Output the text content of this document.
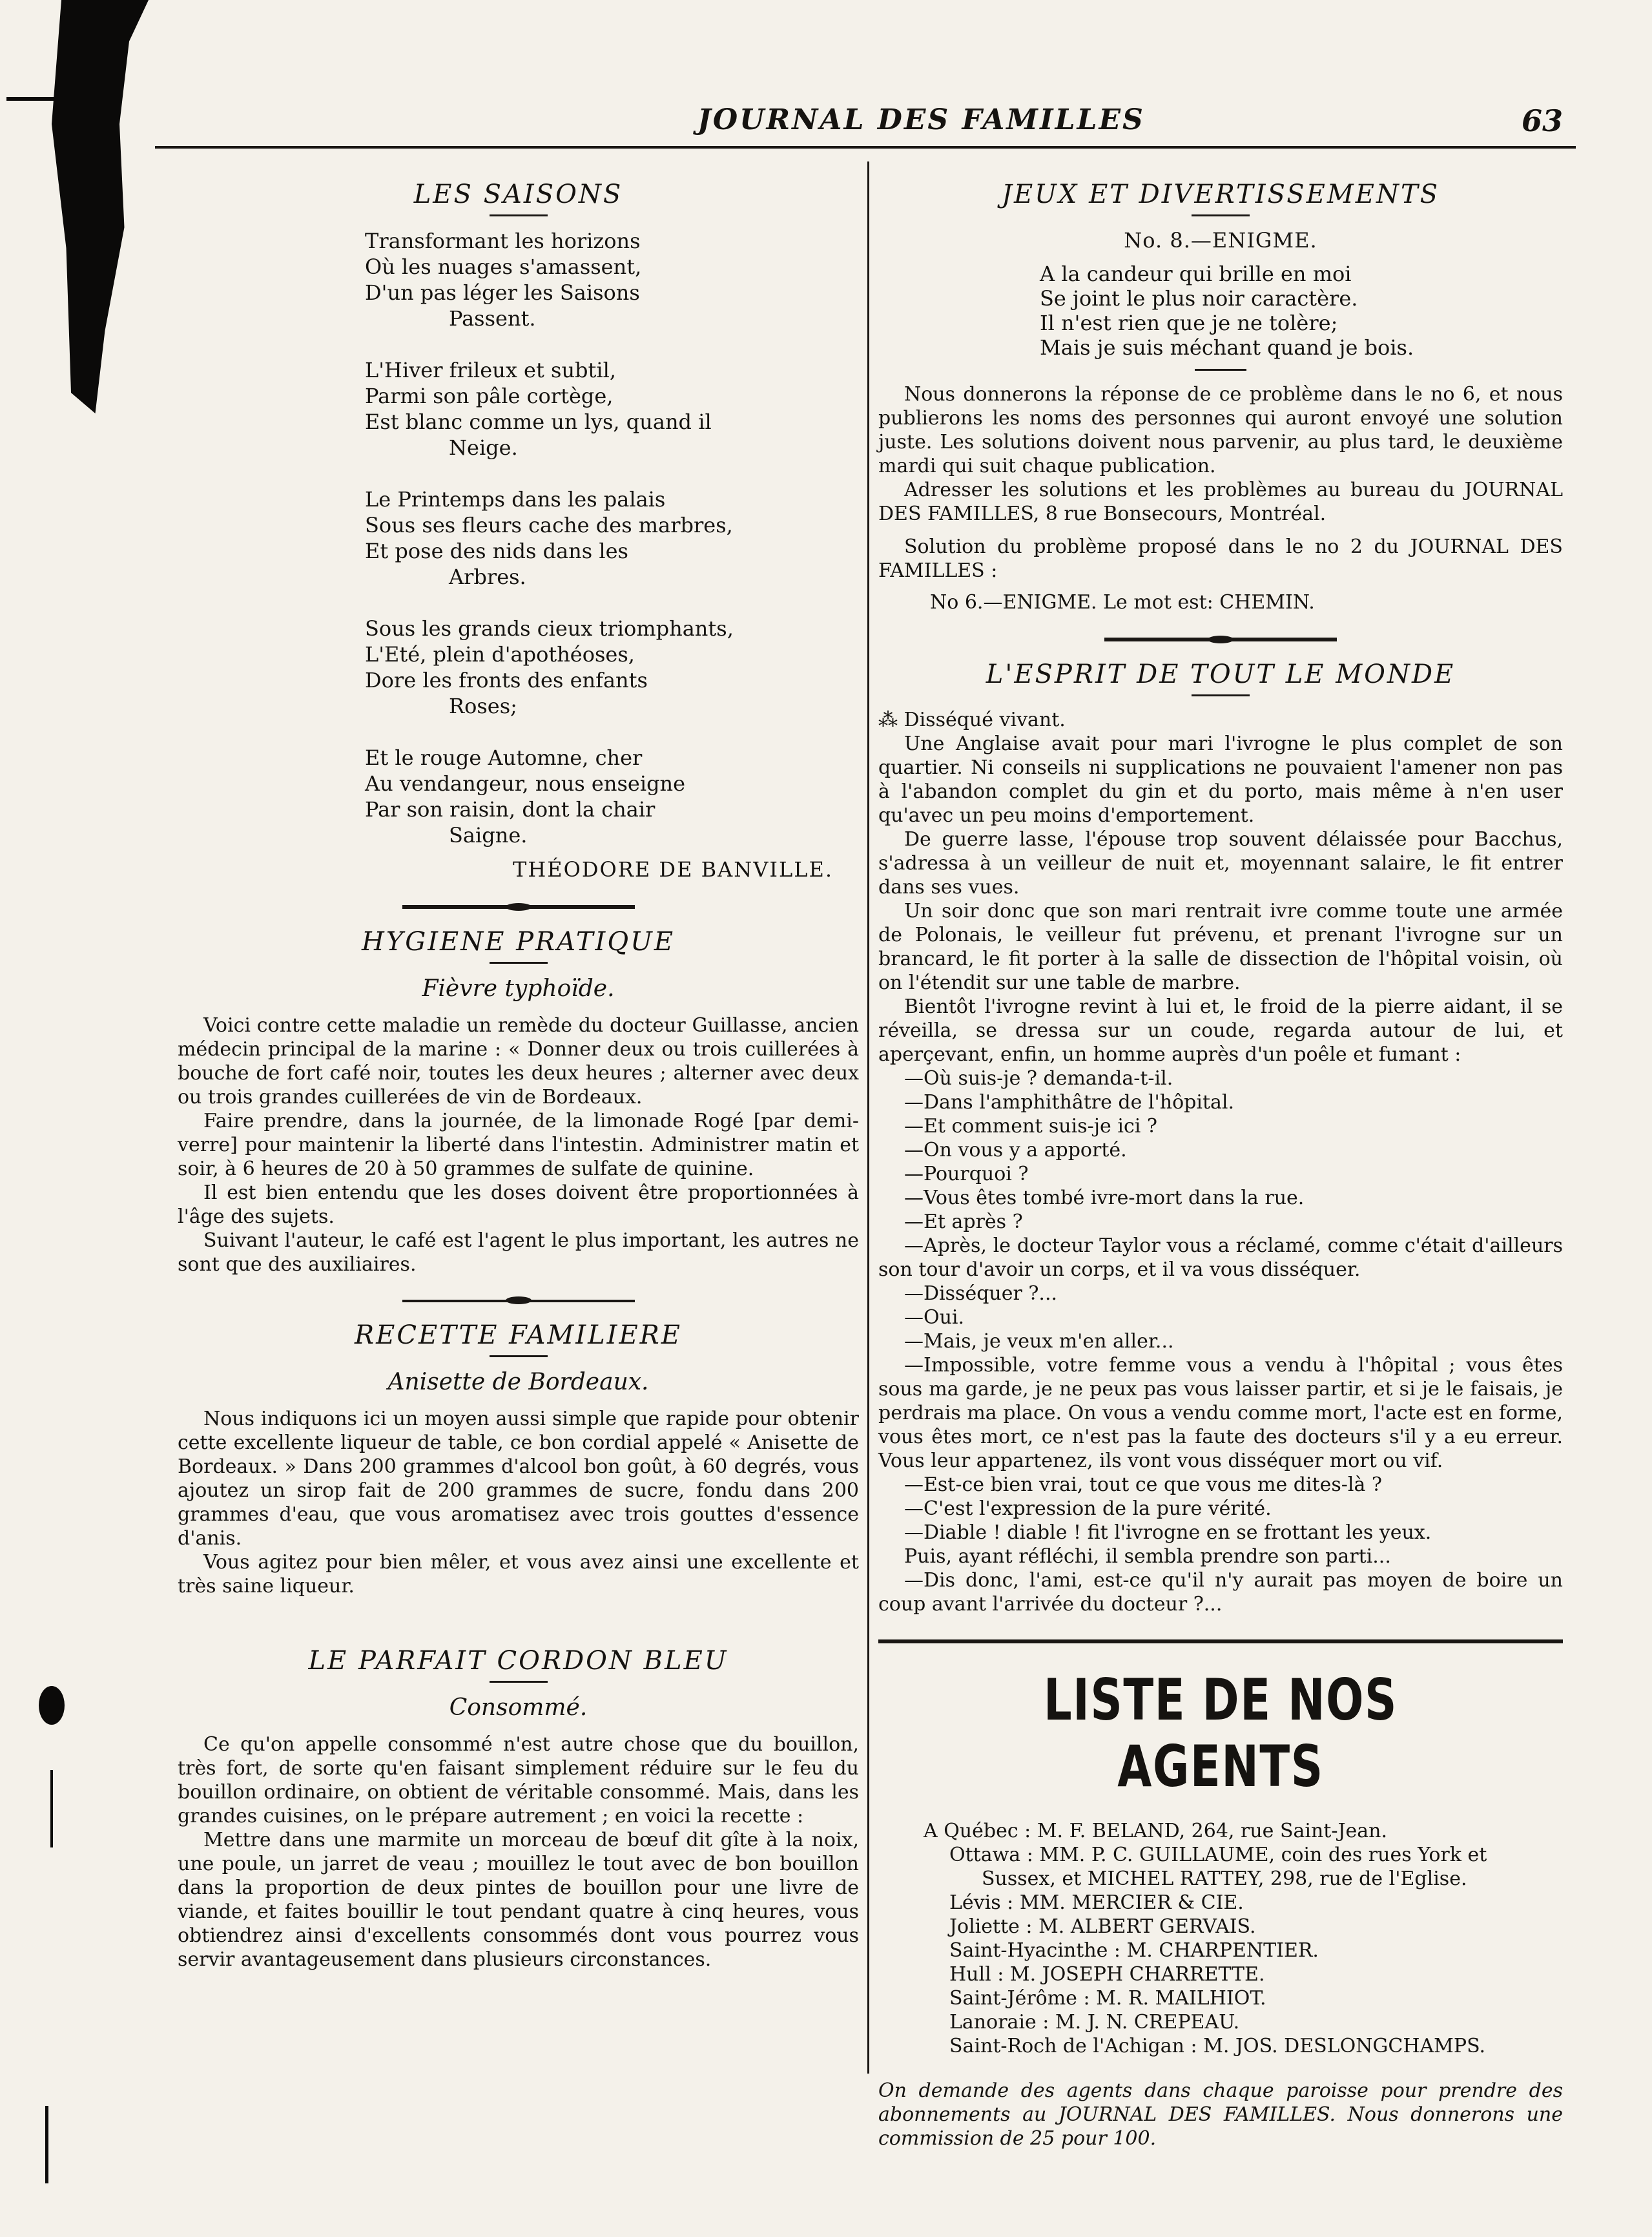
JOURNAL DES FAMILLES	63
LES SAISONS
Transformant les horizons
Où les nuages s'amassent,
D'un pas léger les Saisons
Passent.
L'Hiver frileux et subtil,
Parmi son pâle cortège,
Est blanc comme un lys, quand il
Neige.
Le Printemps dans les palais
Sous ses fleurs cache des marbres,
Et pose des nids dans les
Arbres.
Sous les grands cieux triomphants,
L'Eté, plein d'apothéoses,
Dore les fronts des enfants
Roses;
Et le rouge Automne, cher
Au vendangeur, nous enseigne
Par son raisin, dont la chair
Saigne.
THÉODORE DE BANVILLE.
HYGIENE PRATIQUE
Fièvre typhoïde.

Voici contre cette maladie un remède du docteur Guillasse, ancien médecin principal de la marine : « Donner deux ou trois cuillerées à bouche de fort café noir, toutes les deux heures ; alterner avec deux ou trois grandes cuillerées de vin de Bordeaux.

Faire prendre, dans la journée, de la limonade Rogé [par demi-verre] pour maintenir la liberté dans l'intestin. Administrer matin et soir, à 6 heures de 20 à 50 grammes de sulfate de quinine.

Il est bien entendu que les doses doivent être proportionnées à l'âge des sujets.

Suivant l'auteur, le café est l'agent le plus important, les autres ne sont que des auxiliaires.

RECETTE FAMILIERE
Anisette de Bordeaux.

Nous indiquons ici un moyen aussi simple que rapide pour obtenir cette excellente liqueur de table, ce bon cordial appelé « Anisette de Bordeaux. » Dans 200 grammes d'alcool bon goût, à 60 degrés, vous ajoutez un sirop fait de 200 grammes de sucre, fondu dans 200 grammes d'eau, que vous aromatisez avec trois gouttes d'essence d'anis.

Vous agitez pour bien mêler, et vous avez ainsi une excellente et très saine liqueur.

LE PARFAIT CORDON BLEU
Consommé.

Ce qu'on appelle consommé n'est autre chose que du bouillon, très fort, de sorte qu'en faisant simplement réduire sur le feu du bouillon ordinaire, on obtient de véritable consommé. Mais, dans les grandes cuisines, on le prépare autrement ; en voici la recette :

Mettre dans une marmite un morceau de bœuf dit gîte à la noix, une poule, un jarret de veau ; mouillez le tout avec de bon bouillon dans la proportion de deux pintes de bouillon pour une livre de viande, et faites bouillir le tout pendant quatre à cinq heures, vous obtiendrez ainsi d'excellents consommés dont vous pourrez vous servir avantageusement dans plusieurs circonstances.

JEUX ET DIVERTISSEMENTS
No. 8.—ENIGME.
A la candeur qui brille en moi
Se joint le plus noir caractère.
Il n'est rien que je ne tolère;
Mais je suis méchant quand je bois.

Nous donnerons la réponse de ce problème dans le no 6, et nous publierons les noms des personnes qui auront envoyé une solution juste. Les solutions doivent nous parvenir, au plus tard, le deuxième mardi qui suit chaque publication.

Adresser les solutions et les problèmes au bureau du JOURNAL DES FAMILLES, 8 rue Bonsecours, Montréal.

Solution du problème proposé dans le no 2 du JOURNAL DES FAMILLES :

No 6.—ENIGME. Le mot est: CHEMIN.

L'ESPRIT DE TOUT LE MONDE

⁂ Disséqué vivant.

Une Anglaise avait pour mari l'ivrogne le plus complet de son quartier. Ni conseils ni supplications ne pouvaient l'amener non pas à l'abandon complet du gin et du porto, mais même à n'en user qu'avec un peu moins d'emportement.

De guerre lasse, l'épouse trop souvent délaissée pour Bacchus, s'adressa à un veilleur de nuit et, moyennant salaire, le fit entrer dans ses vues.

Un soir donc que son mari rentrait ivre comme toute une armée de Polonais, le veilleur fut prévenu, et prenant l'ivrogne sur un brancard, le fit porter à la salle de dissection de l'hôpital voisin, où on l'étendit sur une table de marbre.

Bientôt l'ivrogne revint à lui et, le froid de la pierre aidant, il se réveilla, se dressa sur un coude, regarda autour de lui, et aperçevant, enfin, un homme auprès d'un poêle et fumant :

—Où suis-je ? demanda-t-il.

—Dans l'amphithâtre de l'hôpital.

—Et comment suis-je ici ?

—On vous y a apporté.

—Pourquoi ?

—Vous êtes tombé ivre-mort dans la rue.

—Et après ?

—Après, le docteur Taylor vous a réclamé, comme c'était d'ailleurs son tour d'avoir un corps, et il va vous disséquer.

—Disséquer ?...

—Oui.

—Mais, je veux m'en aller...

—Impossible, votre femme vous a vendu à l'hôpital ; vous êtes sous ma garde, je ne peux pas vous laisser partir, et si je le faisais, je perdrais ma place. On vous a vendu comme mort, l'acte est en forme, vous êtes mort, ce n'est pas la faute des docteurs s'il y a eu erreur. Vous leur appartenez, ils vont vous disséquer mort ou vif.

—Est-ce bien vrai, tout ce que vous me dites-là ?

—C'est l'expression de la pure vérité.

—Diable ! diable ! fit l'ivrogne en se frottant les yeux.

Puis, ayant réfléchi, il sembla prendre son parti...

—Dis donc, l'ami, est-ce qu'il n'y aurait pas moyen de boire un coup avant l'arrivée du docteur ?...

LISTE DE NOS AGENTS
A Québec : M. F. BELAND, 264, rue Saint-Jean.
Ottawa : MM. P. C. GUILLAUME, coin des rues York et
Sussex, et MICHEL RATTEY, 298, rue de l'Eglise.
Lévis : MM. MERCIER & CIE.
Joliette : M. ALBERT GERVAIS.
Saint-Hyacinthe : M. CHARPENTIER.
Hull : M. JOSEPH CHARRETTE.
Saint-Jérôme : M. R. MAILHIOT.
Lanoraie : M. J. N. CREPEAU.
Saint-Roch de l'Achigan : M. JOS. DESLONGCHAMPS.
On demande des agents dans chaque paroisse pour prendre des abonnements au JOURNAL DES FAMILLES. Nous donnerons une commission de 25 pour 100.
